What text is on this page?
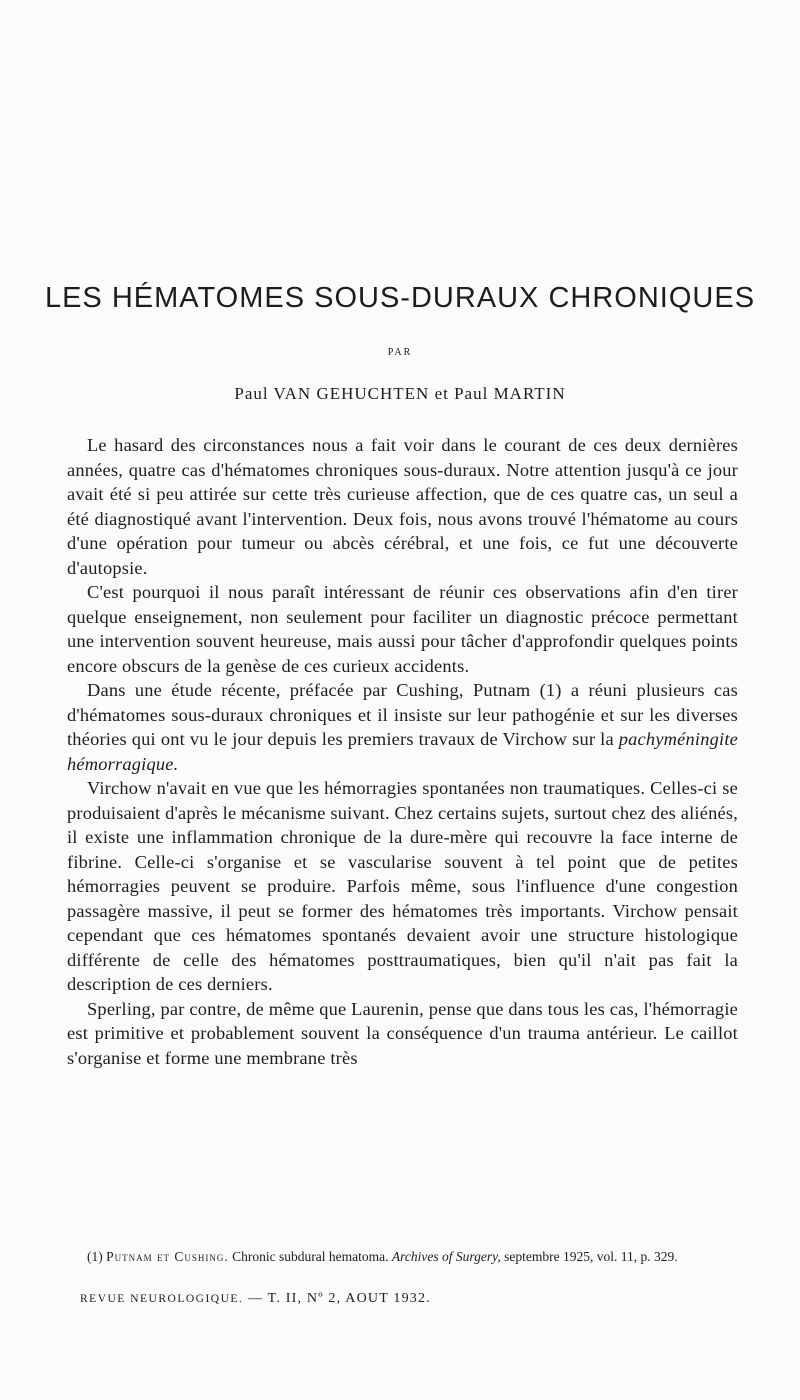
LES HÉMATOMES SOUS-DURAUX CHRONIQUES
PAR
Paul VAN GEHUCHTEN et Paul MARTIN

Le hasard des circonstances nous a fait voir dans le courant de ces deux dernières années, quatre cas d'hématomes chroniques sous-duraux. Notre attention jusqu'à ce jour avait été si peu attirée sur cette très curieuse affection, que de ces quatre cas, un seul a été diagnostiqué avant l'intervention. Deux fois, nous avons trouvé l'hématome au cours d'une opération pour tumeur ou abcès cérébral, et une fois, ce fut une découverte d'autopsie.

C'est pourquoi il nous paraît intéressant de réunir ces observations afin d'en tirer quelque enseignement, non seulement pour faciliter un diagnostic précoce permettant une intervention souvent heureuse, mais aussi pour tâcher d'approfondir quelques points encore obscurs de la genèse de ces curieux accidents.

Dans une étude récente, préfacée par Cushing, Putnam (1) a réuni plusieurs cas d'hématomes sous-duraux chroniques et il insiste sur leur pathogénie et sur les diverses théories qui ont vu le jour depuis les premiers travaux de Virchow sur la pachyméningite hémorragique.

Virchow n'avait en vue que les hémorragies spontanées non traumatiques. Celles-ci se produisaient d'après le mécanisme suivant. Chez certains sujets, surtout chez des aliénés, il existe une inflammation chronique de la dure-mère qui recouvre la face interne de fibrine. Celle-ci s'organise et se vascularise souvent à tel point que de petites hémorragies peuvent se produire. Parfois même, sous l'influence d'une congestion passagère massive, il peut se former des hématomes très importants. Virchow pensait cependant que ces hématomes spontanés devaient avoir une structure histologique différente de celle des hématomes posttraumatiques, bien qu'il n'ait pas fait la description de ces derniers.

Sperling, par contre, de même que Laurenin, pense que dans tous les cas, l'hémorragie est primitive et probablement souvent la conséquence d'un trauma antérieur. Le caillot s'organise et forme une membrane très

(1) Putnam et Cushing. Chronic subdural hematoma. Archives of Surgery, septembre 1925, vol. 11, p. 329.
REVUE NEUROLOGIQUE. — T. II, Nº 2, AOUT 1932.
